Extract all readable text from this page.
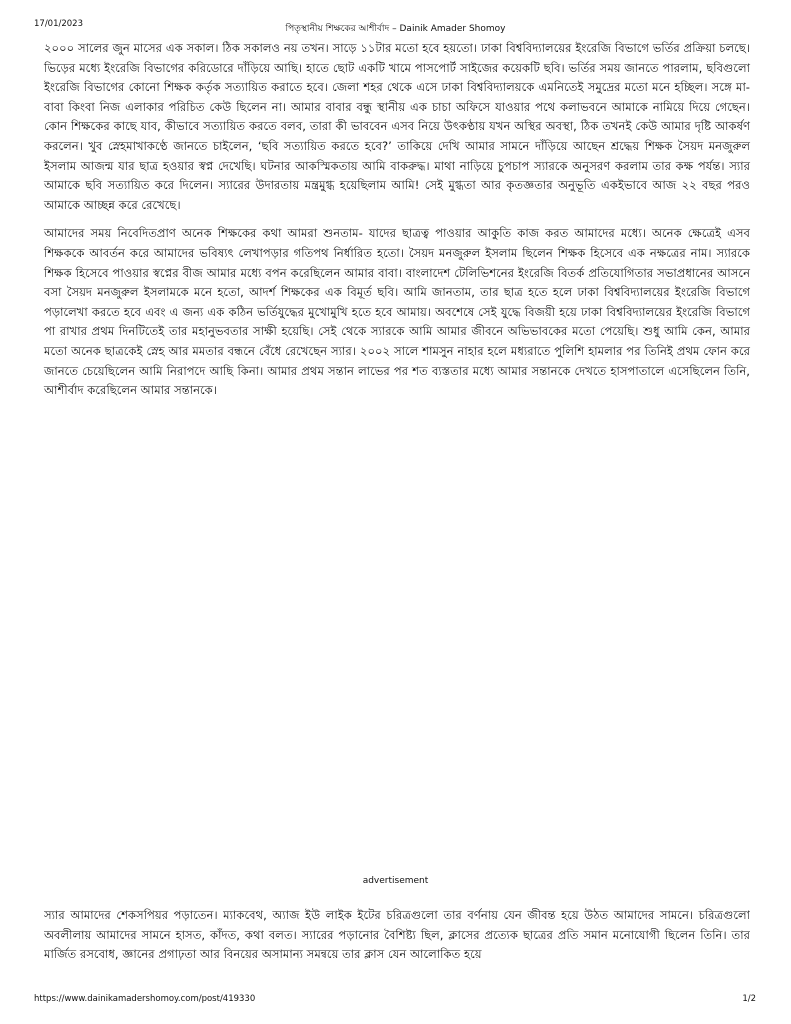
17/01/2023	পিতৃস্থানীয় শিক্ষকের আশীর্বাদ – Dainik Amader Shomoy

২০০০ সালের জুন মাসের এক সকাল। ঠিক সকালও নয় তখন। সাড়ে ১১টার মতো হবে হয়তো। ঢাকা বিশ্ববিদ্যালয়ের ইংরেজি বিভাগে ভর্তির প্রক্রিয়া চলছে। ভিড়ের মধ্যে ইংরেজি বিভাগের করিডোরে দাঁড়িয়ে আছি। হাতে ছোট একটি খামে পাসপোর্ট সাইজের কয়েকটি ছবি। ভর্তির সময় জানতে পারলাম, ছবিগুলো ইংরেজি বিভাগের কোনো শিক্ষক কর্তৃক সত্যায়িত করাতে হবে। জেলা শহর থেকে এসে ঢাকা বিশ্ববিদ্যালয়কে এমনিতেই সমুদ্রের মতো মনে হচ্ছিল। সঙ্গে মা-বাবা কিংবা নিজ এলাকার পরিচিত কেউ ছিলেন না। আমার বাবার বন্ধু স্থানীয় এক চাচা অফিসে যাওয়ার পথে কলাভবনে আমাকে নামিয়ে দিয়ে গেছেন। কোন শিক্ষকের কাছে যাব, কীভাবে সত্যায়িত করতে বলব, তারা কী ভাববেন এসব নিয়ে উৎকণ্ঠায় যখন অস্থির অবস্থা, ঠিক তখনই কেউ আমার দৃষ্টি আকর্ষণ করলেন। খুব স্নেহমাখাকণ্ঠে জানতে চাইলেন, ‘ছবি সত্যায়িত করতে হবে?’ তাকিয়ে দেখি আমার সামনে দাঁড়িয়ে আছেন শ্রদ্ধেয় শিক্ষক সৈয়দ মনজুরুল ইসলাম আজন্ম যার ছাত্র হওয়ার স্বপ্ন দেখেছি। ঘটনার আকস্মিকতায় আমি বাকরুদ্ধ। মাথা নাড়িয়ে চুপচাপ স্যারকে অনুসরণ করলাম তার কক্ষ পর্যন্ত। স্যার আমাকে ছবি সত্যায়িত করে দিলেন। স্যারের উদারতায় মন্ত্রমুগ্ধ হয়েছিলাম আমি! সেই মুগ্ধতা আর কৃতজ্ঞতার অনুভূতি একইভাবে আজ ২২ বছর পরও আমাকে আচ্ছন্ন করে রেখেছে।

আমাদের সময় নিবেদিতপ্রাণ অনেক শিক্ষকের কথা আমরা শুনতাম- যাদের ছাত্রত্ব পাওয়ার আকুতি কাজ করত আমাদের মধ্যে। অনেক ক্ষেত্রেই এসব শিক্ষককে আবর্তন করে আমাদের ভবিষ্যৎ লেখাপড়ার গতিপথ নির্ধারিত হতো। সৈয়দ মনজুরুল ইসলাম ছিলেন শিক্ষক হিসেবে এক নক্ষত্রের নাম। স্যারকে শিক্ষক হিসেবে পাওয়ার স্বপ্নের বীজ আমার মধ্যে বপন করেছিলেন আমার বাবা। বাংলাদেশ টেলিভিশনের ইংরেজি বিতর্ক প্রতিযোগিতার সভাপ্রধানের আসনে বসা সৈয়দ মনজুরুল ইসলামকে মনে হতো, আদর্শ শিক্ষকের এক বিমূর্ত ছবি। আমি জানতাম, তার ছাত্র হতে হলে ঢাকা বিশ্ববিদ্যালয়ের ইংরেজি বিভাগে পড়ালেখা করতে হবে এবং এ জন্য এক কঠিন ভর্তিযুদ্ধের মুখোমুখি হতে হবে আমায়। অবশেষে সেই যুদ্ধে বিজয়ী হয়ে ঢাকা বিশ্ববিদ্যালয়ের ইংরেজি বিভাগে পা রাখার প্রথম দিনটিতেই তার মহানুভবতার সাক্ষী হয়েছি। সেই থেকে স্যারকে আমি আমার জীবনে অভিভাবকের মতো পেয়েছি। শুধু আমি কেন, আমার মতো অনেক ছাত্রকেই স্নেহ আর মমতার বন্ধনে বেঁধে রেখেছেন স্যার। ২০০২ সালে শামসুন নাহার হলে মধ্যরাতে পুলিশি হামলার পর তিনিই প্রথম ফোন করে জানতে চেয়েছিলেন আমি নিরাপদে আছি কিনা। আমার প্রথম সন্তান লাভের পর শত ব্যস্ততার মধ্যে আমার সন্তানকে দেখতে হাসপাতালে এসেছিলেন তিনি, আশীর্বাদ করেছিলেন আমার সন্তানকে।

advertisement

স্যার আমাদের শেকসপিয়র পড়াতেন। ম্যাকবেথ, অ্যাজ ইউ লাইক ইটের চরিত্রগুলো তার বর্ণনায় যেন জীবন্ত হয়ে উঠত আমাদের সামনে। চরিত্রগুলো অবলীলায় আমাদের সামনে হাসত, কাঁদত, কথা বলত। স্যারের পড়ানোর বৈশিষ্ট্য ছিল, ক্লাসের প্রত্যেক ছাত্রের প্রতি সমান মনোযোগী ছিলেন তিনি। তার মার্জিত রসবোধ, জ্ঞানের প্রগাঢ়তা আর বিনয়ের অসামান্য সমন্বয়ে তার ক্লাস যেন আলোকিত হয়ে

https://www.dainikamadershomoy.com/post/419330	1/2
